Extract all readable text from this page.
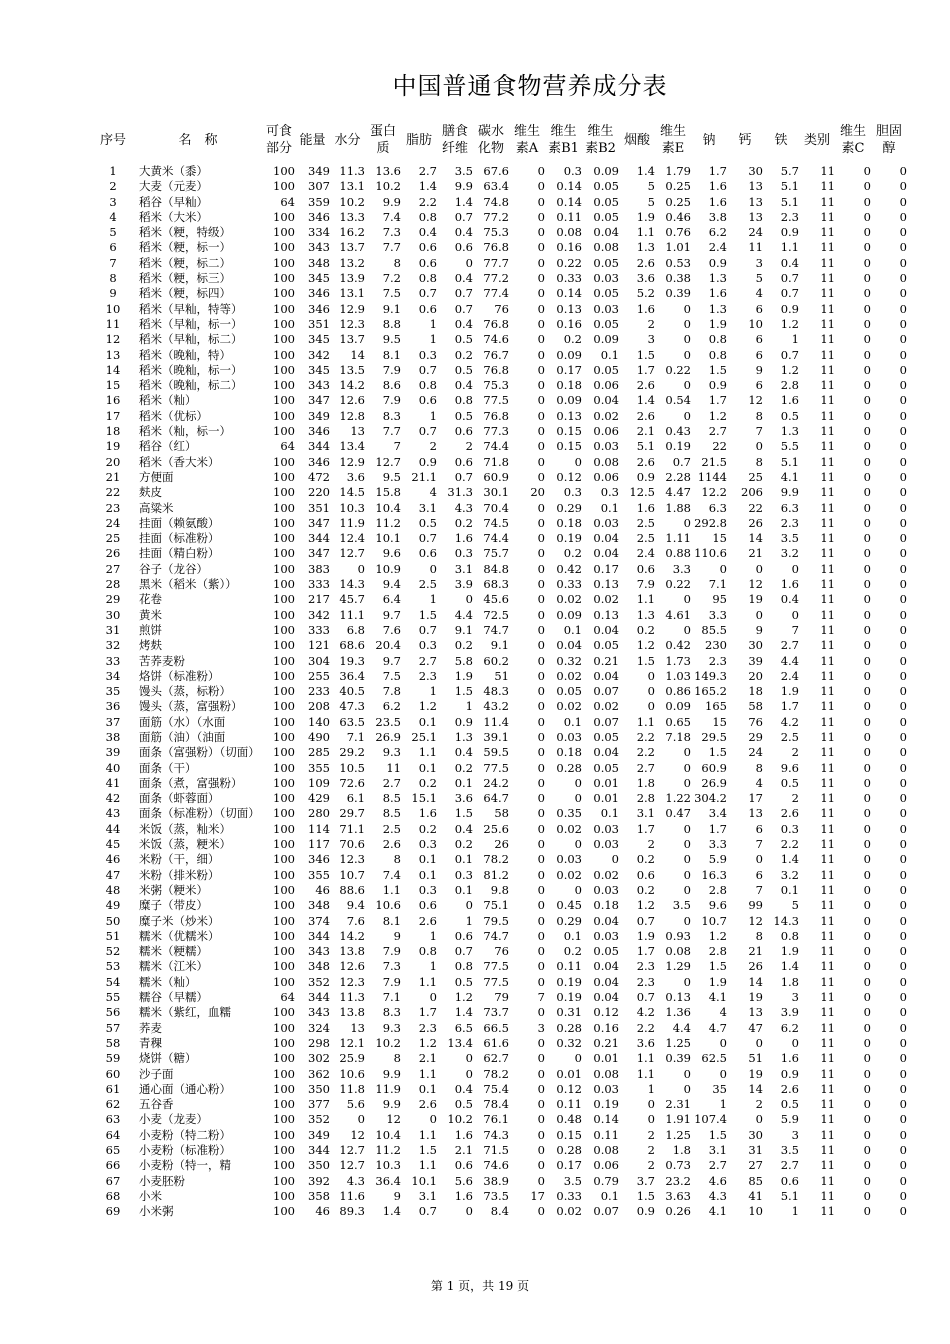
中国普通食物营养成分表
序号	名　称	可食部分	能量	水分	蛋白质	脂肪	膳食纤维	碳水化物	维生素A	维生素B1	维生素B2	烟酸	维生素E	钠	钙	铁	类别	维生素C	胆固醇
1	大黄米（黍）	100	349	11.3	13.6	2.7	3.5	67.6	0	0.3	0.09	1.4	1.79	1.7	30	5.7	11	0	0
2	大麦（元麦）	100	307	13.1	10.2	1.4	9.9	63.4	0	0.14	0.05	5	0.25	1.6	13	5.1	11	0	0
3	稻谷（早籼）	64	359	10.2	9.9	2.2	1.4	74.8	0	0.14	0.05	5	0.25	1.6	13	5.1	11	0	0
4	稻米（大米）	100	346	13.3	7.4	0.8	0.7	77.2	0	0.11	0.05	1.9	0.46	3.8	13	2.3	11	0	0
5	稻米（粳，特级）	100	334	16.2	7.3	0.4	0.4	75.3	0	0.08	0.04	1.1	0.76	6.2	24	0.9	11	0	0
6	稻米（粳，标一）	100	343	13.7	7.7	0.6	0.6	76.8	0	0.16	0.08	1.3	1.01	2.4	11	1.1	11	0	0
7	稻米（粳，标二）	100	348	13.2	8	0.6	0	77.7	0	0.22	0.05	2.6	0.53	0.9	3	0.4	11	0	0
8	稻米（粳，标三）	100	345	13.9	7.2	0.8	0.4	77.2	0	0.33	0.03	3.6	0.38	1.3	5	0.7	11	0	0
9	稻米（粳，标四）	100	346	13.1	7.5	0.7	0.7	77.4	0	0.14	0.05	5.2	0.39	1.6	4	0.7	11	0	0
10	稻米（早籼，特等）	100	346	12.9	9.1	0.6	0.7	76	0	0.13	0.03	1.6	0	1.3	6	0.9	11	0	0
11	稻米（早籼，标一）	100	351	12.3	8.8	1	0.4	76.8	0	0.16	0.05	2	0	1.9	10	1.2	11	0	0
12	稻米（早籼，标二）	100	345	13.7	9.5	1	0.5	74.6	0	0.2	0.09	3	0	0.8	6	1	11	0	0
13	稻米（晚籼，特）	100	342	14	8.1	0.3	0.2	76.7	0	0.09	0.1	1.5	0	0.8	6	0.7	11	0	0
14	稻米（晚籼，标一）	100	345	13.5	7.9	0.7	0.5	76.8	0	0.17	0.05	1.7	0.22	1.5	9	1.2	11	0	0
15	稻米（晚籼，标二）	100	343	14.2	8.6	0.8	0.4	75.3	0	0.18	0.06	2.6	0	0.9	6	2.8	11	0	0
16	稻米（籼）	100	347	12.6	7.9	0.6	0.8	77.5	0	0.09	0.04	1.4	0.54	1.7	12	1.6	11	0	0
17	稻米（优标）	100	349	12.8	8.3	1	0.5	76.8	0	0.13	0.02	2.6	0	1.2	8	0.5	11	0	0
18	稻米（籼，标一）	100	346	13	7.7	0.7	0.6	77.3	0	0.15	0.06	2.1	0.43	2.7	7	1.3	11	0	0
19	稻谷（红）	64	344	13.4	7	2	2	74.4	0	0.15	0.03	5.1	0.19	22	0	5.5	11	0	0
20	稻米（香大米）	100	346	12.9	12.7	0.9	0.6	71.8	0	0	0.08	2.6	0.7	21.5	8	5.1	11	0	0
21	方便面	100	472	3.6	9.5	21.1	0.7	60.9	0	0.12	0.06	0.9	2.28	1144	25	4.1	11	0	0
22	麸皮	100	220	14.5	15.8	4	31.3	30.1	20	0.3	0.3	12.5	4.47	12.2	206	9.9	11	0	0
23	高粱米	100	351	10.3	10.4	3.1	4.3	70.4	0	0.29	0.1	1.6	1.88	6.3	22	6.3	11	0	0
24	挂面（赖氨酸）	100	347	11.9	11.2	0.5	0.2	74.5	0	0.18	0.03	2.5	0	292.8	26	2.3	11	0	0
25	挂面（标准粉）	100	344	12.4	10.1	0.7	1.6	74.4	0	0.19	0.04	2.5	1.11	15	14	3.5	11	0	0
26	挂面（精白粉）	100	347	12.7	9.6	0.6	0.3	75.7	0	0.2	0.04	2.4	0.88	110.6	21	3.2	11	0	0
27	谷子（龙谷）	100	383	0	10.9	0	3.1	84.8	0	0.42	0.17	0.6	3.3	0	0	0	11	0	0
28	黑米（稻米（紫））	100	333	14.3	9.4	2.5	3.9	68.3	0	0.33	0.13	7.9	0.22	7.1	12	1.6	11	0	0
29	花卷	100	217	45.7	6.4	1	0	45.6	0	0.02	0.02	1.1	0	95	19	0.4	11	0	0
30	黄米	100	342	11.1	9.7	1.5	4.4	72.5	0	0.09	0.13	1.3	4.61	3.3	0	0	11	0	0
31	煎饼	100	333	6.8	7.6	0.7	9.1	74.7	0	0.1	0.04	0.2	0	85.5	9	7	11	0	0
32	烤麸	100	121	68.6	20.4	0.3	0.2	9.1	0	0.04	0.05	1.2	0.42	230	30	2.7	11	0	0
33	苦荞麦粉	100	304	19.3	9.7	2.7	5.8	60.2	0	0.32	0.21	1.5	1.73	2.3	39	4.4	11	0	0
34	烙饼（标准粉）	100	255	36.4	7.5	2.3	1.9	51	0	0.02	0.04	0	1.03	149.3	20	2.4	11	0	0
35	馒头（蒸，标粉）	100	233	40.5	7.8	1	1.5	48.3	0	0.05	0.07	0	0.86	165.2	18	1.9	11	0	0
36	馒头（蒸，富强粉）	100	208	47.3	6.2	1.2	1	43.2	0	0.02	0.02	0	0.09	165	58	1.7	11	0	0
37	面筋（水）（水面	100	140	63.5	23.5	0.1	0.9	11.4	0	0.1	0.07	1.1	0.65	15	76	4.2	11	0	0
38	面筋（油）（油面	100	490	7.1	26.9	25.1	1.3	39.1	0	0.03	0.05	2.2	7.18	29.5	29	2.5	11	0	0
39	面条（富强粉）（切面）	100	285	29.2	9.3	1.1	0.4	59.5	0	0.18	0.04	2.2	0	1.5	24	2	11	0	0
40	面条（干）	100	355	10.5	11	0.1	0.2	77.5	0	0.28	0.05	2.7	0	60.9	8	9.6	11	0	0
41	面条（煮，富强粉）	100	109	72.6	2.7	0.2	0.1	24.2	0	0	0.01	1.8	0	26.9	4	0.5	11	0	0
42	面条（虾蓉面）	100	429	6.1	8.5	15.1	3.6	64.7	0	0	0.01	2.8	1.22	304.2	17	2	11	0	0
43	面条（标准粉）（切面）	100	280	29.7	8.5	1.6	1.5	58	0	0.35	0.1	3.1	0.47	3.4	13	2.6	11	0	0
44	米饭（蒸，籼米）	100	114	71.1	2.5	0.2	0.4	25.6	0	0.02	0.03	1.7	0	1.7	6	0.3	11	0	0
45	米饭（蒸，粳米）	100	117	70.6	2.6	0.3	0.2	26	0	0	0.03	2	0	3.3	7	2.2	11	0	0
46	米粉（干，细）	100	346	12.3	8	0.1	0.1	78.2	0	0.03	0	0.2	0	5.9	0	1.4	11	0	0
47	米粉（排米粉）	100	355	10.7	7.4	0.1	0.3	81.2	0	0.02	0.02	0.6	0	16.3	6	3.2	11	0	0
48	米粥（粳米）	100	46	88.6	1.1	0.3	0.1	9.8	0	0	0.03	0.2	0	2.8	7	0.1	11	0	0
49	糜子（带皮）	100	348	9.4	10.6	0.6	0	75.1	0	0.45	0.18	1.2	3.5	9.6	99	5	11	0	0
50	糜子米（炒米）	100	374	7.6	8.1	2.6	1	79.5	0	0.29	0.04	0.7	0	10.7	12	14.3	11	0	0
51	糯米（优糯米）	100	344	14.2	9	1	0.6	74.7	0	0.1	0.03	1.9	0.93	1.2	8	0.8	11	0	0
52	糯米（粳糯）	100	343	13.8	7.9	0.8	0.7	76	0	0.2	0.05	1.7	0.08	2.8	21	1.9	11	0	0
53	糯米（江米）	100	348	12.6	7.3	1	0.8	77.5	0	0.11	0.04	2.3	1.29	1.5	26	1.4	11	0	0
54	糯米（籼）	100	352	12.3	7.9	1.1	0.5	77.5	0	0.19	0.04	2.3	0	1.9	14	1.8	11	0	0
55	糯谷（早糯）	64	344	11.3	7.1	0	1.2	79	7	0.19	0.04	0.7	0.13	4.1	19	3	11	0	0
56	糯米（紫红，血糯	100	343	13.8	8.3	1.7	1.4	73.7	0	0.31	0.12	4.2	1.36	4	13	3.9	11	0	0
57	荞麦	100	324	13	9.3	2.3	6.5	66.5	3	0.28	0.16	2.2	4.4	4.7	47	6.2	11	0	0
58	青稞	100	298	12.1	10.2	1.2	13.4	61.6	0	0.32	0.21	3.6	1.25	0	0	0	11	0	0
59	烧饼（糖）	100	302	25.9	8	2.1	0	62.7	0	0	0.01	1.1	0.39	62.5	51	1.6	11	0	0
60	沙子面	100	362	10.6	9.9	1.1	0	78.2	0	0.01	0.08	1.1	0	0	19	0.9	11	0	0
61	通心面（通心粉）	100	350	11.8	11.9	0.1	0.4	75.4	0	0.12	0.03	1	0	35	14	2.6	11	0	0
62	五谷香	100	377	5.6	9.9	2.6	0.5	78.4	0	0.11	0.19	0	2.31	1	2	0.5	11	0	0
63	小麦（龙麦）	100	352	0	12	0	10.2	76.1	0	0.48	0.14	0	1.91	107.4	0	5.9	11	0	0
64	小麦粉（特二粉）	100	349	12	10.4	1.1	1.6	74.3	0	0.15	0.11	2	1.25	1.5	30	3	11	0	0
65	小麦粉（标准粉）	100	344	12.7	11.2	1.5	2.1	71.5	0	0.28	0.08	2	1.8	3.1	31	3.5	11	0	0
66	小麦粉（特一，精	100	350	12.7	10.3	1.1	0.6	74.6	0	0.17	0.06	2	0.73	2.7	27	2.7	11	0	0
67	小麦胚粉	100	392	4.3	36.4	10.1	5.6	38.9	0	3.5	0.79	3.7	23.2	4.6	85	0.6	11	0	0
68	小米	100	358	11.6	9	3.1	1.6	73.5	17	0.33	0.1	1.5	3.63	4.3	41	5.1	11	0	0
69	小米粥	100	46	89.3	1.4	0.7	0	8.4	0	0.02	0.07	0.9	0.26	4.1	10	1	11	0	0
第 1 页，共 19 页
